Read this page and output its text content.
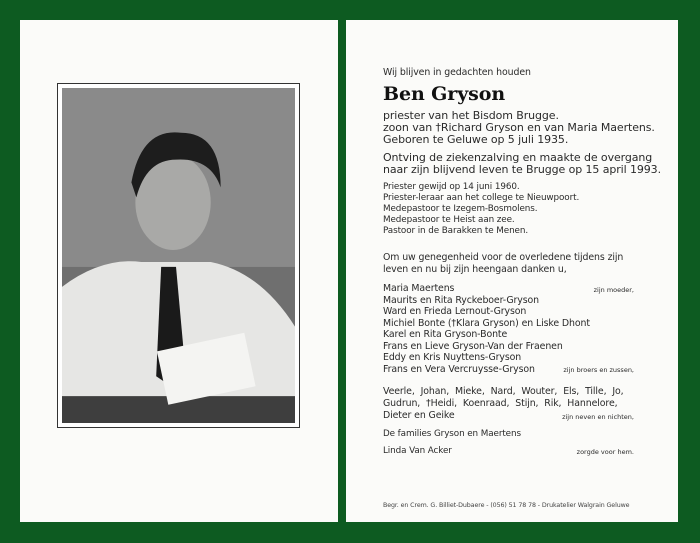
Wij blijven in gedachten houden
Ben Gryson
priester van het Bisdom Brugge.
zoon van †Richard Gryson en van Maria Maertens.
Geboren te Geluwe op 5 juli 1935.
Ontving de ziekenzalving en maakte de overgang
naar zijn blijvend leven te Brugge op 15 april 1993.
Priester gewijd op 14 juni 1960.
Priester-leraar aan het college te Nieuwpoort.
Medepastoor te Izegem-Bosmolens.
Medepastoor te Heist aan zee.
Pastoor in de Barakken te Menen.
Om uw genegenheid voor de overledene tijdens zijn
leven en nu bij zijn heengaan danken u,
Maria Maertens	zijn moeder,
Maurits en Rita Ryckeboer-Gryson
Ward en Frieda Lernout-Gryson
Michiel Bonte (†Klara Gryson) en Liske Dhont
Karel en Rita Gryson-Bonte
Frans en Lieve Gryson-Van der Fraenen
Eddy en Kris Nuyttens-Gryson
Frans en Vera Vercruysse-Gryson	zijn broers en zussen,
Veerle, Johan, Mieke, Nard, Wouter, Els, Tille, Jo,
Gudrun, †Heidi, Koenraad, Stijn, Rik, Hannelore,
Dieter en Geike	zijn neven en nichten,
De families Gryson en Maertens
Linda Van Acker	zorgde voor hem.
Begr. en Crem. G. Billiet-Dubaere - (056) 51 78 78 - Drukatelier Walgrain Geluwe
